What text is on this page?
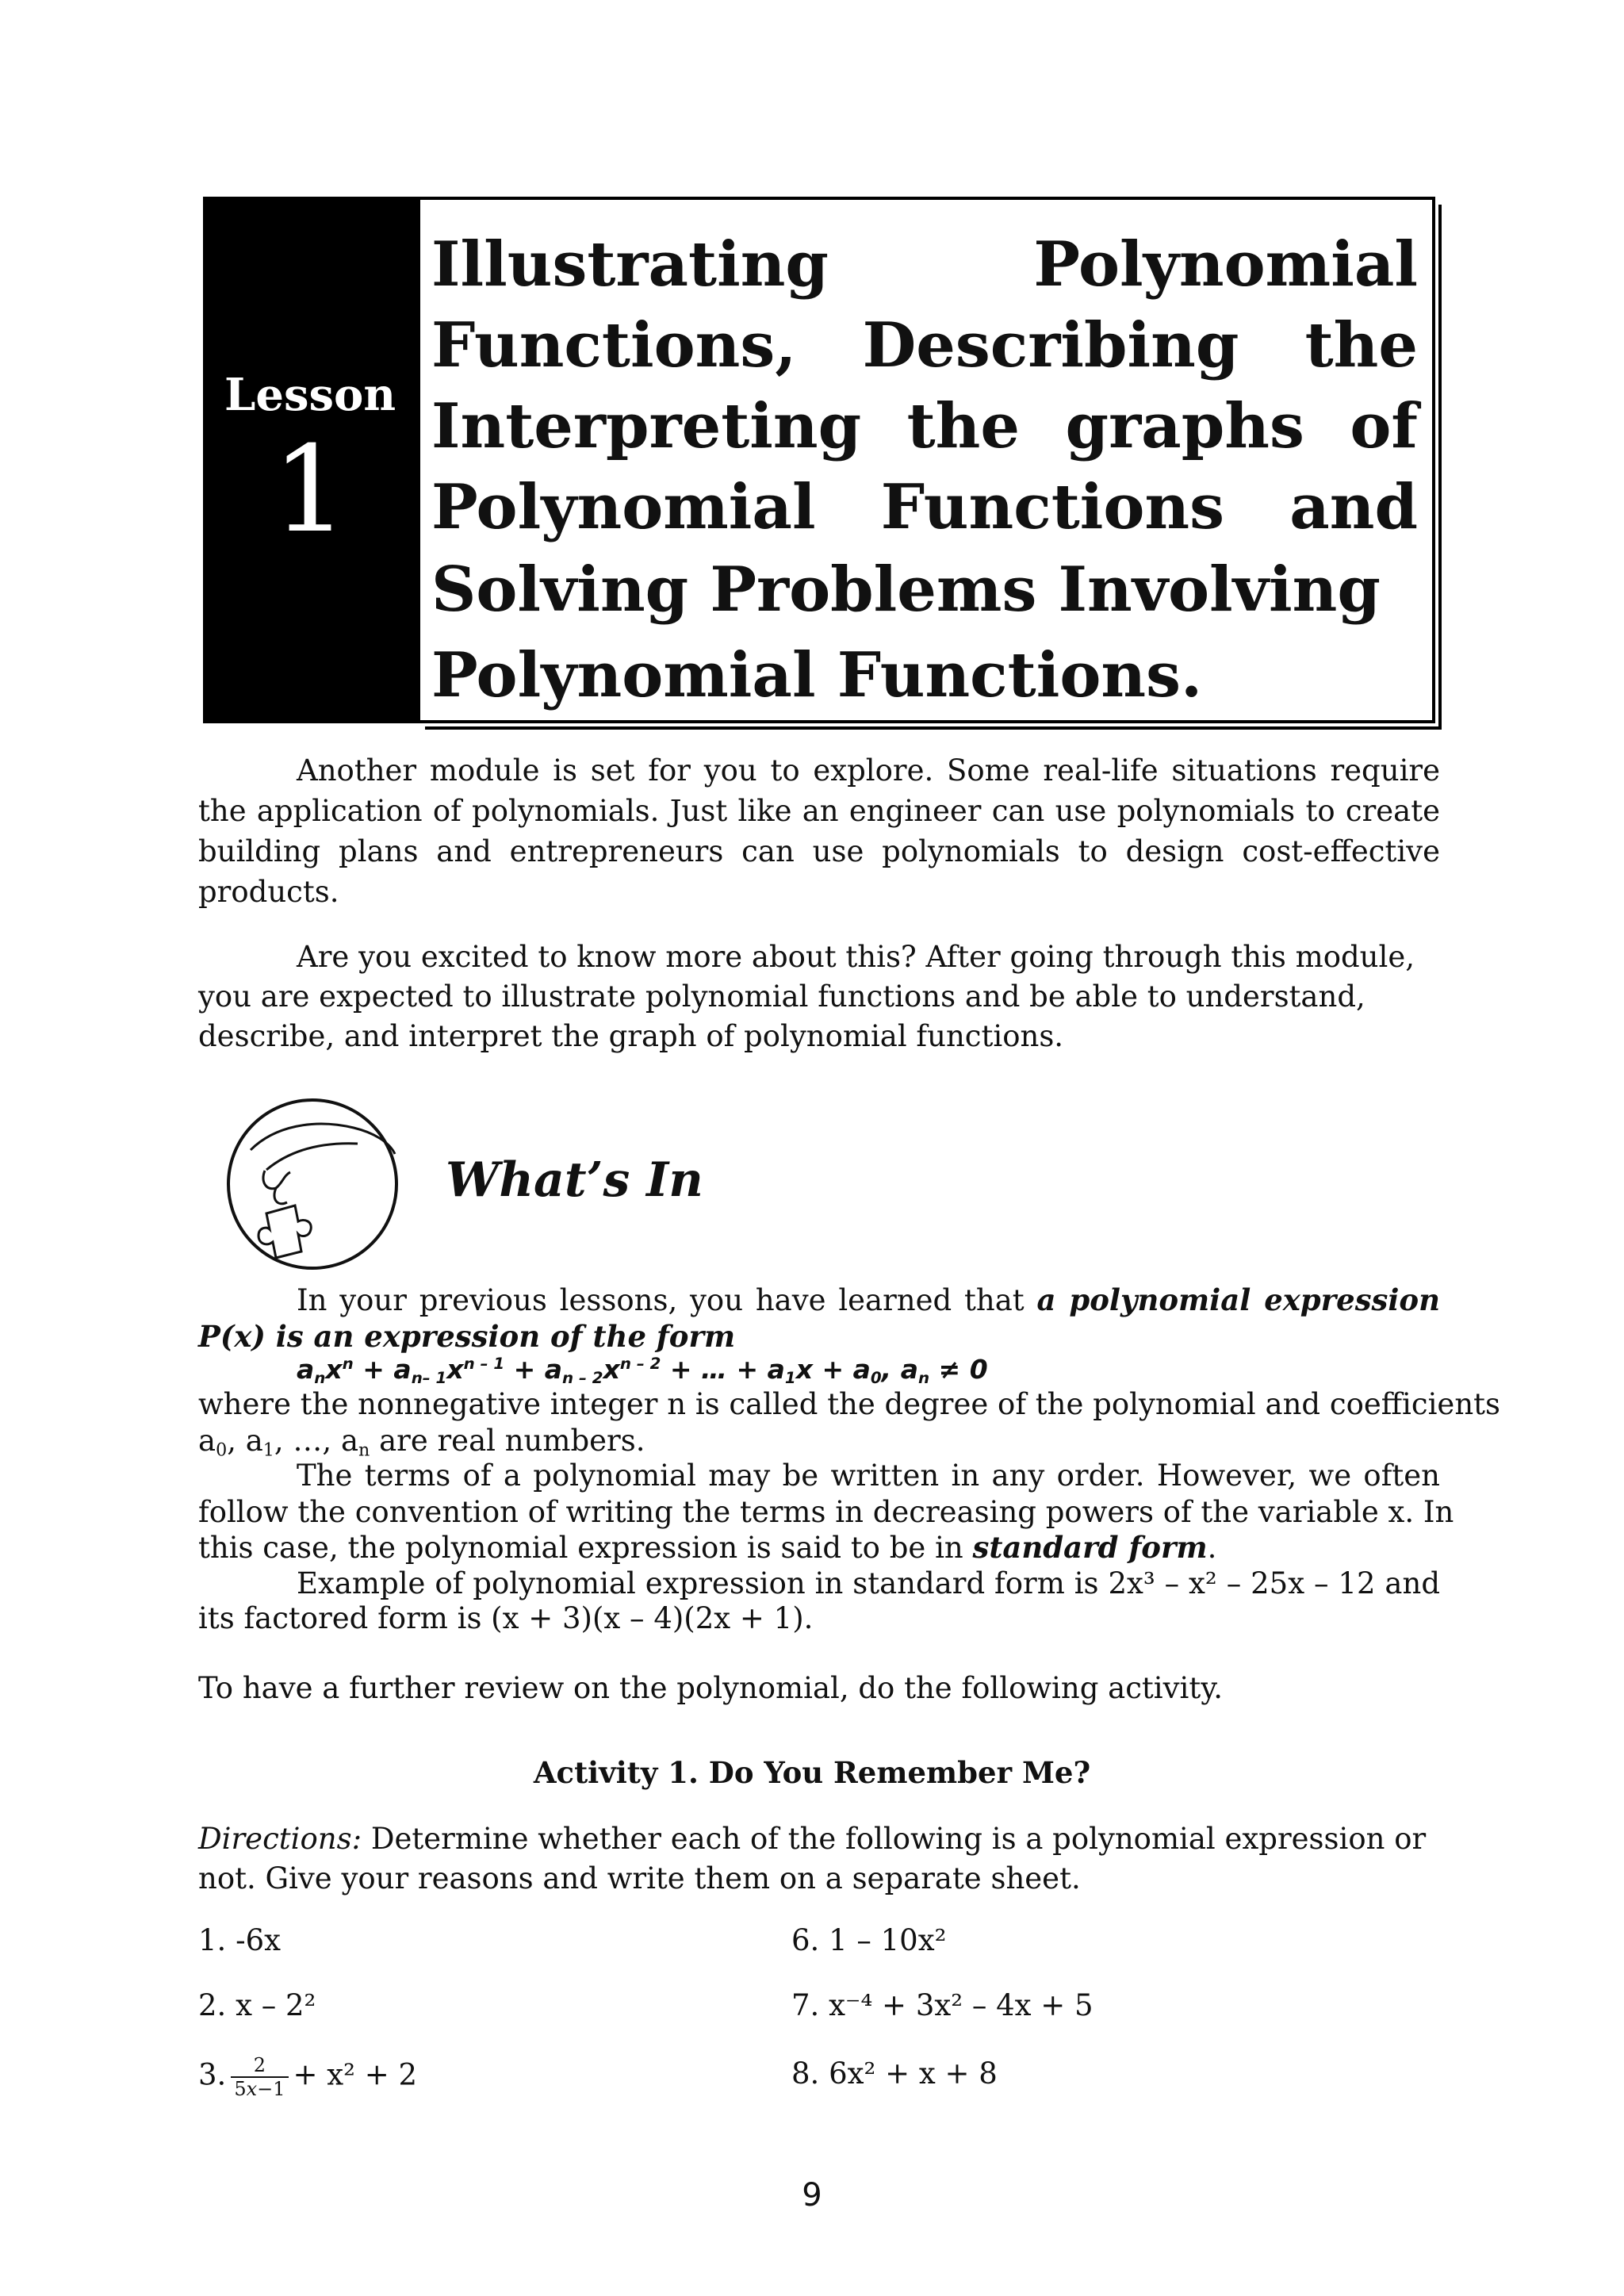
Lesson
1
Illustrating	Polynomial
Functions, Describing the
Interpreting the graphs of
Polynomial Functions and
Solving Problems Involving
Polynomial Functions.
Another module is set for you to explore. Some real-life situations require the application of polynomials. Just like an engineer can use polynomials to create building plans and entrepreneurs can use polynomials to design cost-effective products.
Are you excited to know more about this? After going through this module,
you are expected to illustrate polynomial functions and be able to understand,
describe, and interpret the graph of polynomial functions.
What’s In
In your previous lessons, you have learned that a polynomial expression
P(x) is an expression of the form
$a_nx^n + a_{n- 1}x^{n - 1} + a_{n - 2}x^{n - 2}$ + … + $a_1x + a_0$, $a_n \ne 0$
where the nonnegative integer n is called the degree of the polynomial and coefficients
$a_0$, $a_1$, …, $a_n$ are real numbers.
The terms of a polynomial may be written in any order. However, we often
follow the convention of writing the terms in decreasing powers of the variable x. In
this case, the polynomial expression is said to be in standard form.
Example of polynomial expression in standard form is 2x³ – x² – 25x – 12 and
its factored form is (x + 3)(x – 4)(2x + 1).
To have a further review on the polynomial, do the following activity.
Activity 1. Do You Remember Me?
Directions: Determine whether each of the following is a polynomial expression or
not. Give your reasons and write them on a separate sheet.
1. -6x	6. 1 – 10x²
2. x – 2²	7. x⁻⁴ + 3x² – 4x + 5
3. $\frac{2}{\text{5𝑥−1}} + x^2 + 2$	8. 6x² + x + 8
9
